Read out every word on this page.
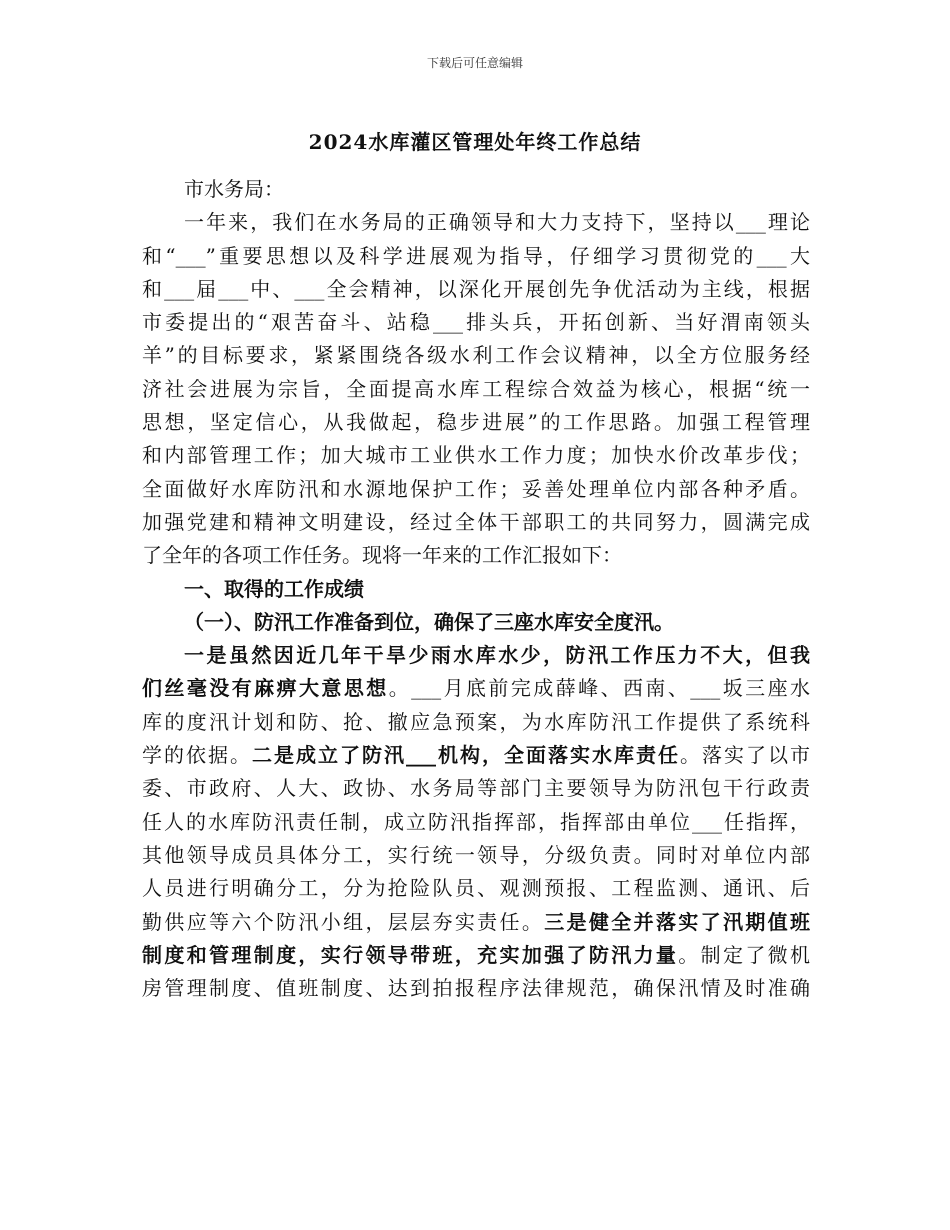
下载后可任意编辑
2024水库灌区管理处年终工作总结
市水务局：
一年来，我们在水务局的正确领导和大力支持下，坚持以___理论
和“___”重要思想以及科学进展观为指导，仔细学习贯彻党的___大
和___届___中、___全会精神，以深化开展创先争优活动为主线，根据
市委提出的“艰苦奋斗、站稳___排头兵，开拓创新、当好渭南领头
羊”的目标要求，紧紧围绕各级水利工作会议精神，以全方位服务经
济社会进展为宗旨，全面提高水库工程综合效益为核心，根据“统一
思想，坚定信心，从我做起，稳步进展”的工作思路。加强工程管理
和内部管理工作；加大城市工业供水工作力度；加快水价改革步伐；
全面做好水库防汛和水源地保护工作；妥善处理单位内部各种矛盾。
加强党建和精神文明建设，经过全体干部职工的共同努力，圆满完成
了全年的各项工作任务。现将一年来的工作汇报如下：
一、取得的工作成绩
（一）、防汛工作准备到位，确保了三座水库安全度汛。
一是虽然因近几年干旱少雨水库水少，防汛工作压力不大，但我
们丝毫没有麻痹大意思想。___月底前完成薛峰、西南、___坂三座水
库的度汛计划和防、抢、撤应急预案，为水库防汛工作提供了系统科
学的依据。二是成立了防汛___机构，全面落实水库责任。落实了以市
委、市政府、人大、政协、水务局等部门主要领导为防汛包干行政责
任人的水库防汛责任制，成立防汛指挥部，指挥部由单位___任指挥，
其他领导成员具体分工，实行统一领导，分级负责。同时对单位内部
人员进行明确分工，分为抢险队员、观测预报、工程监测、通讯、后
勤供应等六个防汛小组，层层夯实责任。三是健全并落实了汛期值班
制度和管理制度，实行领导带班，充实加强了防汛力量。制定了微机
房管理制度、值班制度、达到拍报程序法律规范，确保汛情及时准确
